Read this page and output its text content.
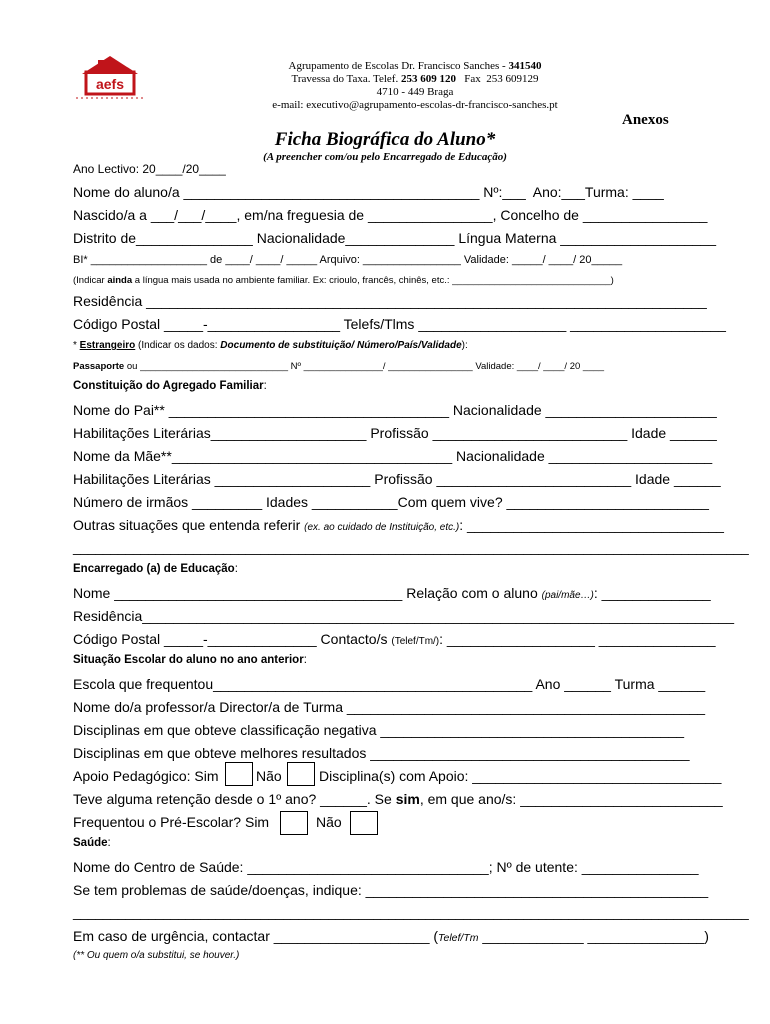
aefs
Agrupamento de Escolas Dr. Francisco Sanches - 341540
Travessa do Taxa. Telef. 253 609 120   Fax  253 609129
4710 - 449 Braga
e-mail: executivo@agrupamento-escolas-dr-francisco-sanches.pt
Anexos
Ficha Biográfica do Aluno*
(A preencher com/ou pelo Encarregado de Educação)
Ano Lectivo: 20____/20____
Nome do aluno/a ______________________________________ Nº:___  Ano:___Turma: ____
Nascido/a a ___/___/____, em/na freguesia de ________________, Concelho de ________________
Distrito de_______________ Nacionalidade______________ Língua Materna ____________________
BI* ___________________ de ____/ ____/ _____ Arquivo: ________________ Validade: _____/ ____/ 20_____
(Indicar ainda a língua mais usada no ambiente familiar. Ex: crioulo, francês, chinês, etc.: ______________________________)
Residência ________________________________________________________________________
Código Postal _____-_________________ Telefs/Tlms ___________________ ____________________
* Estrangeiro (Indicar os dados: Documento de substituição/ Número/País/Validade):
Passaporte ou ____________________________ Nº _______________/ ________________ Validade: ____/ ____/ 20 ____
Constituição do Agregado Familiar:
Nome do Pai** ____________________________________ Nacionalidade ______________________
Habilitações Literárias____________________ Profissão _________________________ Idade ______
Nome da Mãe**____________________________________ Nacionalidade _____________________
Habilitações Literárias ____________________ Profissão _________________________ Idade ______
Número de irmãos _________ Idades ___________Com quem vive? __________________________
Outras situações que entenda referir (ex. ao cuidado de Instituição, etc.): _________________________________
__________________________________________________________________________________________
Encarregado (a) de Educação:
Nome _____________________________________ Relação com o aluno (pai/mãe…): ______________
Residência____________________________________________________________________________
Código Postal _____-______________ Contacto/s (Telef/Tm/): ___________________ _______________
Situação Escolar do aluno no ano anterior:
Escola que frequentou_________________________________________ Ano ______ Turma ______
Nome do/a professor/a Director/a de Turma ______________________________________________
Disciplinas em que obteve classificação negativa _______________________________________
Disciplinas em que obteve melhores resultados _________________________________________
Apoio Pedagógico: Sim	Não	Disciplina(s) com Apoio: ________________________________
Teve alguma retenção desde o 1º ano? ______. Se sim, em que ano/s: __________________________
Frequentou o Pré-Escolar? Sim	Não
Saúde:
Nome do Centro de Saúde: _______________________________; Nº de utente: _______________
Se tem problemas de saúde/doenças, indique: ____________________________________________
__________________________________________________________________________________________
Em caso de urgência, contactar ____________________ (Telef/Tm _____________ _______________)
(** Ou quem o/a substitui, se houver.)
